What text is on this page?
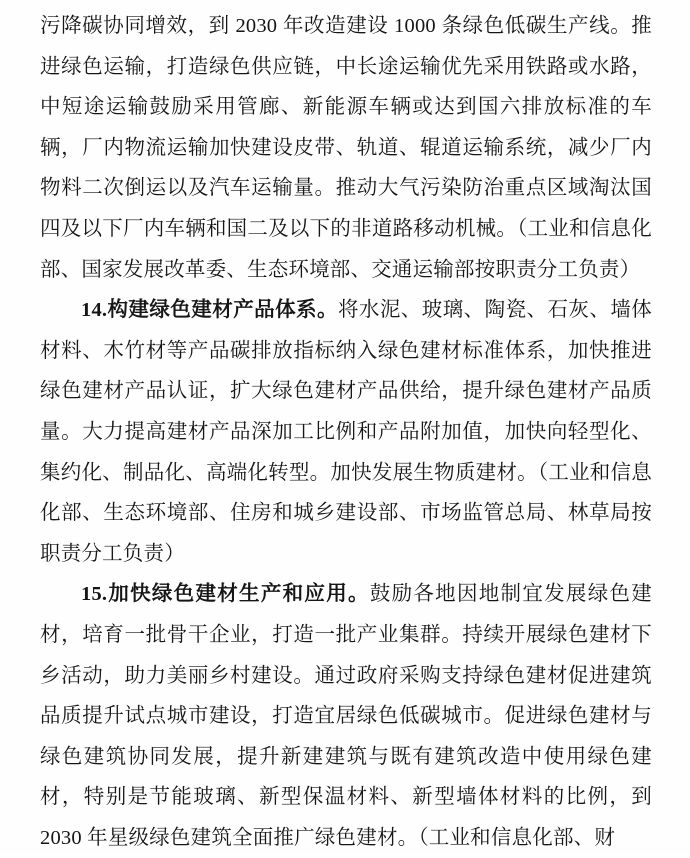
污降碳协同增效，到 2030 年改造建设 1000 条绿色低碳生产线。推进绿色运输，打造绿色供应链，中长途运输优先采用铁路或水路，中短途运输鼓励采用管廊、新能源车辆或达到国六排放标准的车辆，厂内物流运输加快建设皮带、轨道、辊道运输系统，减少厂内物料二次倒运以及汽车运输量。推动大气污染防治重点区域淘汰国四及以下厂内车辆和国二及以下的非道路移动机械。（工业和信息化部、国家发展改革委、生态环境部、交通运输部按职责分工负责）

14.构建绿色建材产品体系。将水泥、玻璃、陶瓷、石灰、墙体材料、木竹材等产品碳排放指标纳入绿色建材标准体系，加快推进绿色建材产品认证，扩大绿色建材产品供给，提升绿色建材产品质量。大力提高建材产品深加工比例和产品附加值，加快向轻型化、集约化、制品化、高端化转型。加快发展生物质建材。（工业和信息化部、生态环境部、住房和城乡建设部、市场监管总局、林草局按职责分工负责）

15.加快绿色建材生产和应用。鼓励各地因地制宜发展绿色建材，培育一批骨干企业，打造一批产业集群。持续开展绿色建材下乡活动，助力美丽乡村建设。通过政府采购支持绿色建材促进建筑品质提升试点城市建设，打造宜居绿色低碳城市。促进绿色建材与绿色建筑协同发展，提升新建建筑与既有建筑改造中使用绿色建材，特别是节能玻璃、新型保温材料、新型墙体材料的比例，到 2030 年星级绿色建筑全面推广绿色建材。（工业和信息化部、财
